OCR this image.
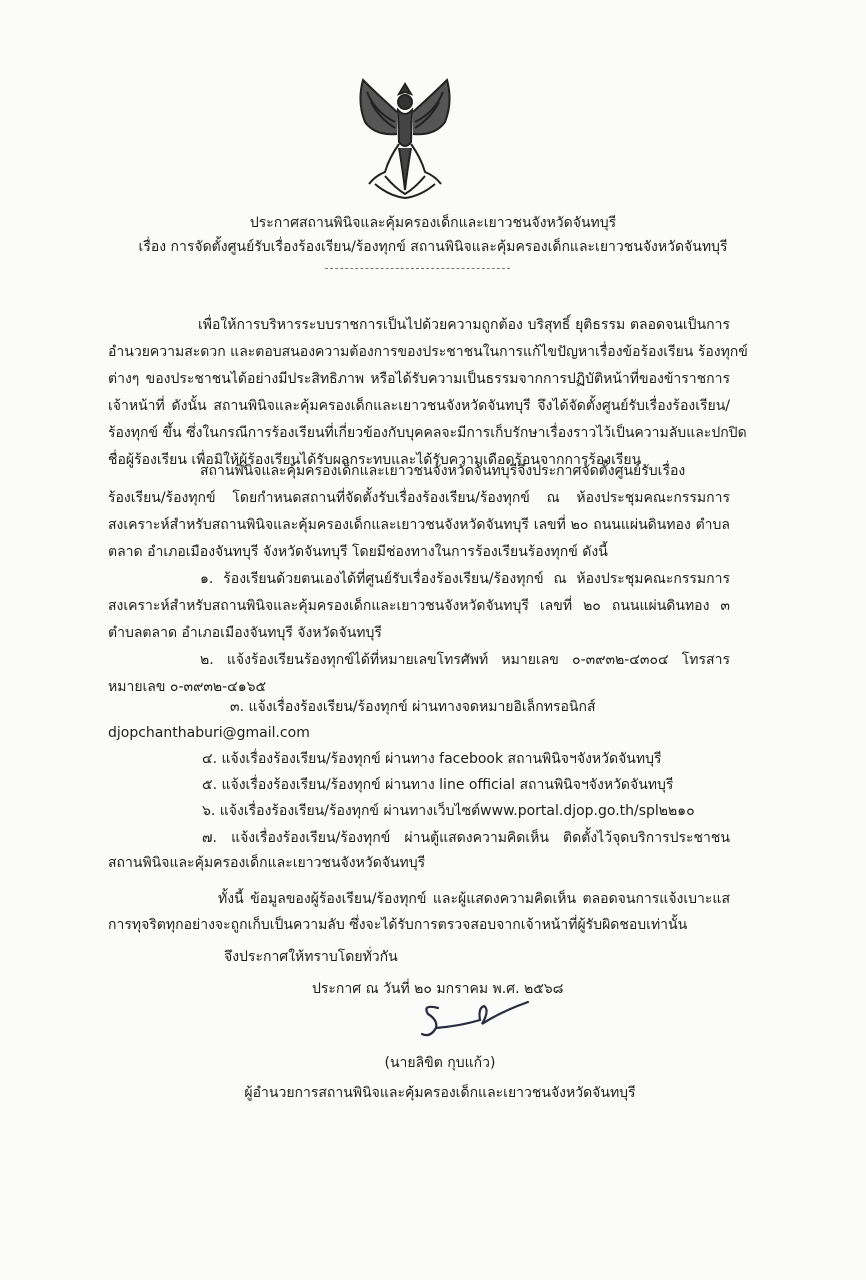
ประกาศสถานพินิจและคุ้มครองเด็กและเยาวชนจังหวัดจันทบุรี
เรื่อง การจัดตั้งศูนย์รับเรื่องร้องเรียน/ร้องทุกข์ สถานพินิจและคุ้มครองเด็กและเยาวชนจังหวัดจันทบุรี
เพื่อให้การบริหารระบบราชการเป็นไปด้วยความถูกต้อง บริสุทธิ์ ยุติธรรม ตลอดจนเป็นการ
อำนวยความสะดวก และตอบสนองความต้องการของประชาชนในการแก้ไขปัญหาเรื่องข้อร้องเรียน ร้องทุกข์
ต่างๆ ของประชาชนได้อย่างมีประสิทธิภาพ หรือได้รับความเป็นธรรมจากการปฏิบัติหน้าที่ของข้าราชการ
เจ้าหน้าที่ ดังนั้น สถานพินิจและคุ้มครองเด็กและเยาวชนจังหวัดจันทบุรี จึงได้จัดตั้งศูนย์รับเรื่องร้องเรียน/
ร้องทุกข์ ขึ้น ซึ่งในกรณีการร้องเรียนที่เกี่ยวข้องกับบุคคลจะมีการเก็บรักษาเรื่องราวไว้เป็นความลับและปกปิด
ชื่อผู้ร้องเรียน เพื่อมิให้ผู้ร้องเรียนได้รับผลกระทบและได้รับความเดือดร้อนจากการร้องเรียน
สถานพินิจและคุ้มครองเด็กและเยาวชนจังหวัดจันทบุรีจึงประกาศจัดตั้งศูนย์รับเรื่อง
ร้องเรียน/ร้องทุกข์ โดยกำหนดสถานที่จัดตั้งรับเรื่องร้องเรียน/ร้องทุกข์ ณ ห้องประชุมคณะกรรมการ
สงเคราะห์สำหรับสถานพินิจและคุ้มครองเด็กและเยาวชนจังหวัดจันทบุรี เลขที่ ๒๐ ถนนแผ่นดินทอง ตำบล
ตลาด อำเภอเมืองจันทบุรี จังหวัดจันทบุรี โดยมีช่องทางในการร้องเรียนร้องทุกข์ ดังนี้
๑. ร้องเรียนด้วยตนเองได้ที่ศูนย์รับเรื่องร้องเรียน/ร้องทุกข์ ณ ห้องประชุมคณะกรรมการ
สงเคราะห์สำหรับสถานพินิจและคุ้มครองเด็กและเยาวชนจังหวัดจันทบุรี เลขที่ ๒๐ ถนนแผ่นดินทอง ๓
ตำบลตลาด อำเภอเมืองจันทบุรี จังหวัดจันทบุรี
๒. แจ้งร้องเรียนร้องทุกข์ได้ที่หมายเลขโทรศัพท์ หมายเลข ๐-๓๙๓๒-๔๓๐๔ โทรสาร
หมายเลข ๐-๓๙๓๒-๔๑๖๕
๓. แจ้งเรื่องร้องเรียน/ร้องทุกข์ ผ่านทางจดหมายอิเล็กทรอนิกส์
djopchanthaburi@gmail.com
๔. แจ้งเรื่องร้องเรียน/ร้องทุกข์ ผ่านทาง facebook สถานพินิจฯจังหวัดจันทบุรี
๕. แจ้งเรื่องร้องเรียน/ร้องทุกข์ ผ่านทาง line official สถานพินิจฯจังหวัดจันทบุรี
๖. แจ้งเรื่องร้องเรียน/ร้องทุกข์ ผ่านทางเว็บไซต์www.portal.djop.go.th/spl๒๒๑๐
๗. แจ้งเรื่องร้องเรียน/ร้องทุกข์ ผ่านตู้แสดงความคิดเห็น ติดตั้งไว้จุดบริการประชาชน
สถานพินิจและคุ้มครองเด็กและเยาวชนจังหวัดจันทบุรี
ทั้งนี้ ข้อมูลของผู้ร้องเรียน/ร้องทุกข์ และผู้แสดงความคิดเห็น ตลอดจนการแจ้งเบาะแส
การทุจริตทุกอย่างจะถูกเก็บเป็นความลับ ซึ่งจะได้รับการตรวจสอบจากเจ้าหน้าที่ผู้รับผิดชอบเท่านั้น
จึงประกาศให้ทราบโดยทั่วกัน
ประกาศ ณ วันที่ ๒๐ มกราคม พ.ศ. ๒๕๖๘
(นายลิขิต กุบแก้ว)
ผู้อำนวยการสถานพินิจและคุ้มครองเด็กและเยาวชนจังหวัดจันทบุรี
